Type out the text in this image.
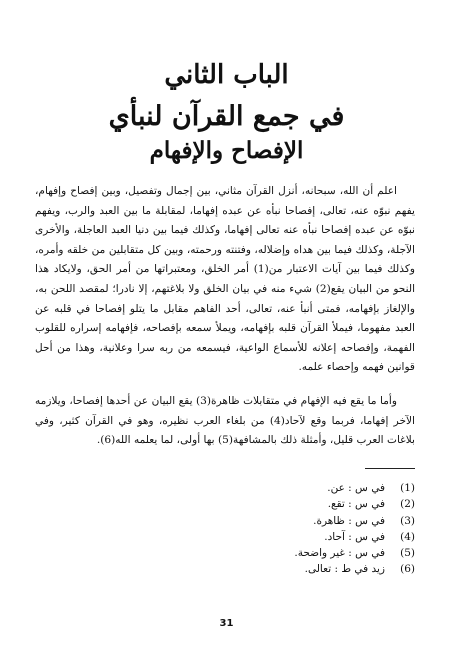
الباب الثاني
في جمع القرآن لنبأي
الإفصاح والإفهام

اعلم أن الله، سبحانه، أنزل القرآن مثاني، بين إجمال وتفصيل، وبين إفصاح وإفهام، يفهم نبوّه عنه، تعالى، إفصاحا نبأه عن عبده إفهاما، لمقابلة ما بين العبد والرب، ويفهم نبوّه عن عبده إفصاحا نبأه عنه تعالى إفهاما، وكذلك فيما بين دنيا العبد العاجلة، والأخرى الآجلة، وكذلك فيما بين هداه وإضلاله، وفتنته ورحمته، وبين كل متقابلين من خلقه وأمره، وكذلك فيما بين آيات الاعتبار من(1) أمر الخلق، ومعتبراتها من أمر الحق، ولايكاد هذا النحو من البيان يقع(2) شيء منه في بيان الخلق ولا بلاغتهم، إلا نادرا؛ لمقصد اللحن به، والإلغاز بإفهامه، فمتى أنبأ عنه، تعالى، أحد الفاهم مقابل ما يتلو إفصاحا في قلبه عن العبد مفهوما، فيملأ القرآن قلبه بإفهامه، ويملأ سمعه بإفصاحه، فإفهامه إسراره للقلوب الفهمة، وإفصاحه إعلانه للأسماع الواعية، فيسمعه من ربه سرا وعلانية، وهذا من أحل قوانين فهمه وإحصاء علمه.

وأما ما يقع فيه الإفهام في متقابلات ظاهرة(3) يقع البيان عن أحدها إفصاحا، ويلازمه الآخر إفهاما، فربما وقع لآحاد(4) من بلغاء العرب نظيره، وهو في القرآن كثير، وفي بلاغات العرب قليل، وأمثلة ذلك بالمشافهة(5) بها أولى، لما يعلمه الله(6).

(1)
في س : عن.
(2)
في س : تقع.
(3)
في س : ظاهرة.
(4)
في س : آحاد.
(5)
في س : غير واضحة.
(6)
زيد في ط : تعالى.
31
